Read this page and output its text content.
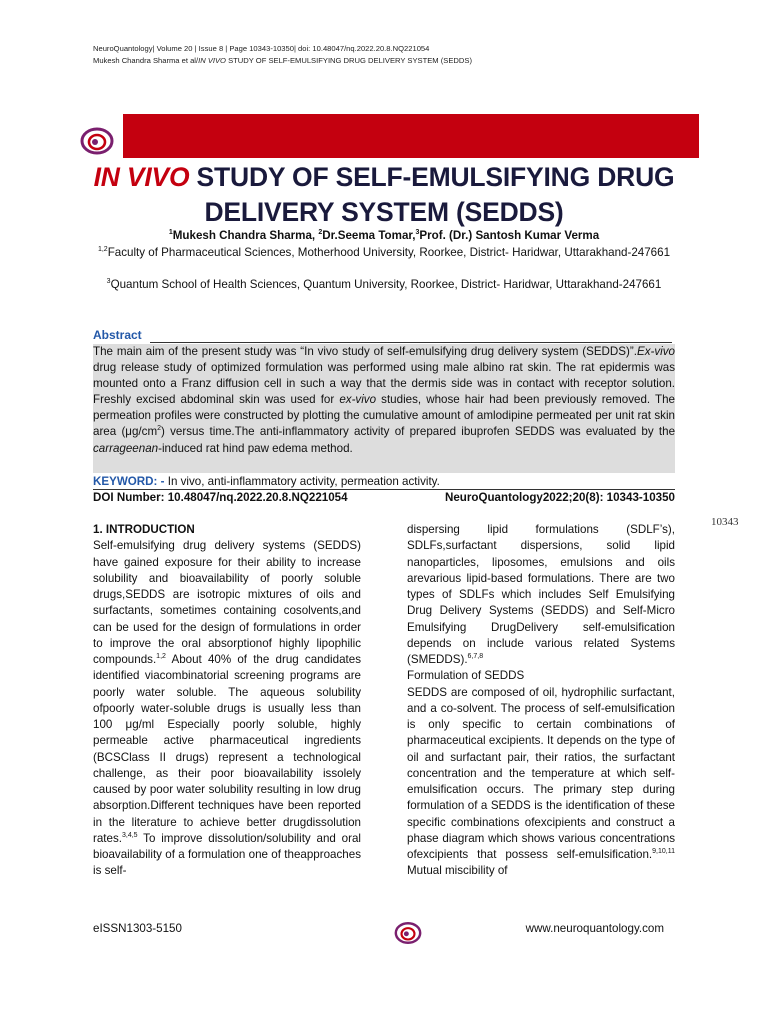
NeuroQuantology| Volume 20 | Issue 8 | Page 10343-10350| doi: 10.48047/nq.2022.20.8.NQ221054
Mukesh Chandra Sharma et al/IN VIVO STUDY OF SELF-EMULSIFYING DRUG DELIVERY SYSTEM (SEDDS)
IN VIVO STUDY OF SELF-EMULSIFYING DRUG DELIVERY SYSTEM (SEDDS)
$^1$Mukesh Chandra Sharma, $^2$Dr.Seema Tomar,$^3$Prof. (Dr.) Santosh Kumar Verma
$^{1,2}$Faculty of Pharmaceutical Sciences, Motherhood University, Roorkee, District- Haridwar, Uttarakhand-247661
$^3$Quantum School of Health Sciences, Quantum University, Roorkee, District- Haridwar, Uttarakhand-247661
Abstract
The main aim of the present study was “In vivo study of self-emulsifying drug delivery system (SEDDS)”.Ex-vivo drug release study of optimized formulation was performed using male albino rat skin. The rat epidermis was mounted onto a Franz diffusion cell in such a way that the dermis side was in contact with receptor solution. Freshly excised abdominal skin was used for ex-vivo studies, whose hair had been previously removed. The permeation profiles were constructed by plotting the cumulative amount of amlodipine permeated per unit rat skin area $(\mu g/cm^2)$ versus time.The anti-inflammatory activity of prepared ibuprofen SEDDS was evaluated by the carrageenan-induced rat hind paw edema method.
KEYWORD: - In vivo, anti-inflammatory activity, permeation activity.
DOI Number: 10.48047/nq.2022.20.8.NQ221054	NeuroQuantology2022;20(8): 10343-10350
10343
1. INTRODUCTION

Self-emulsifying drug delivery systems (SEDDS) have gained exposure for their ability to increase solubility and bioavailability of poorly soluble drugs,SEDDS are isotropic mixtures of oils and surfactants, sometimes containing cosolvents,and can be used for the design of formulations in order to improve the oral absorptionof highly lipophilic compounds.$^{1,2}$ About 40% of the drug candidates identified viacombinatorial screening programs are poorly water soluble. The aqueous solubility ofpoorly water-soluble drugs is usually less than 100 μg/ml Especially poorly soluble, highly permeable active pharmaceutical ingredients (BCSClass II drugs) represent a technological challenge, as their poor bioavailability issolely caused by poor water solubility resulting in low drug absorption.Different techniques have been reported in the literature to achieve better drugdissolution rates.$^{3,4,5}$ To improve dissolution/solubility and oral bioavailability of a formulation one of theapproaches is self-

dispersing lipid formulations (SDLF’s), SDLFs,surfactant dispersions, solid lipid nanoparticles, liposomes, emulsions and oils arevarious lipid-based formulations. There are two types of SDLFs which includes Self Emulsifying Drug Delivery Systems (SEDDS) and Self-Micro Emulsifying DrugDelivery self-emulsification depends on include various related Systems (SMEDDS).$^{6,7,8}$

Formulation of SEDDS

SEDDS are composed of oil, hydrophilic surfactant, and a co-solvent. The process of self-emulsification is only specific to certain combinations of pharmaceutical excipients. It depends on the type of oil and surfactant pair, their ratios, the surfactant concentration and the temperature at which self-emulsification occurs. The primary step during formulation of a SEDDS is the identification of these specific combinations ofexcipients and construct a phase diagram which shows various concentrations ofexcipients that possess self-emulsification.$^{9,10,11}$ Mutual miscibility of

eISSN1303-5150	www.neuroquantology.com
